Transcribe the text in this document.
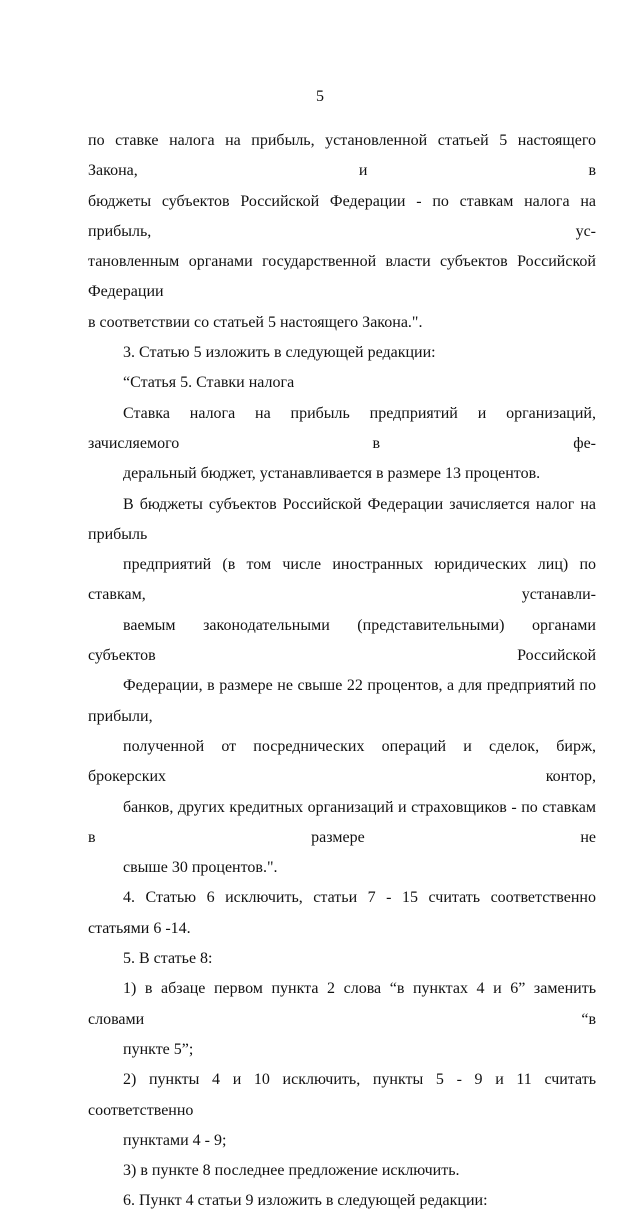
5
по ставке налога на прибыль, установленной статьей 5 настоящего Закона, и в
бюджеты субъектов Российской Федерации - по ставкам налога на прибыль, ус-
тановленным органами государственной власти субъектов Российской Федерации
в соответствии со статьей 5 настоящего Закона.".
3. Статью 5 изложить в следующей редакции:
“Статья 5. Ставки налога
Ставка налога на прибыль предприятий и организаций, зачисляемого в фе-
деральный бюджет, устанавливается в размере 13 процентов.
В бюджеты субъектов Российской Федерации зачисляется налог на прибыль
предприятий (в том числе иностранных юридических лиц) по ставкам, устанавли-
ваемым законодательными (представительными) органами субъектов Российской
Федерации, в размере не свыше 22 процентов, а для предприятий по прибыли,
полученной от посреднических операций и сделок, бирж, брокерских контор,
банков, других кредитных организаций и страховщиков - по ставкам в размере не
свыше 30 процентов.".
4. Статью 6 исключить, статьи 7 - 15 считать соответственно статьями 6 -14.
5. В статье 8:
1) в абзаце первом пункта 2 слова “в пунктах 4 и 6” заменить словами “в
пункте 5”;
2) пункты 4 и 10 исключить, пункты 5 - 9 и 11 считать соответственно
пунктами 4 - 9;
3) в пункте 8 последнее предложение исключить.
6. Пункт 4 статьи 9 изложить в следующей редакции:
